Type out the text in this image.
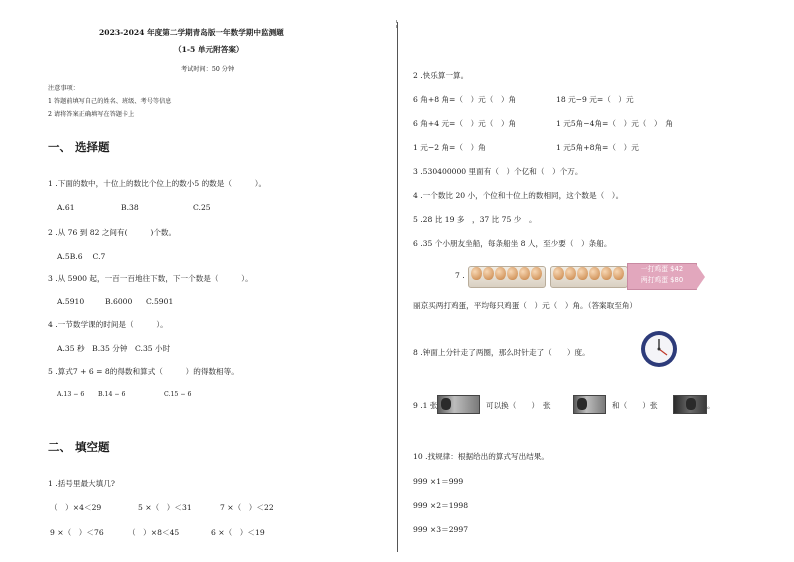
2023-2024 年度第二学期青岛版一年数学期中监测题
（1-5 单元附答案）
考试时间：50 分钟
注意事项：
1 答题前填写自己的姓名、班级、考号等信息
2 请将答案正确填写在答题卡上
一、 选择题
1 .下面的数中，十位上的数比个位上的数小5 的数是（　　　）。
A.61	B.38	C.25
2 .从 76 到 82 之间有(　　　)个数。
A.5B.6　 C.7
3 .从 5900 起，一百一百地往下数，下一个数是（　　　）。
A.5910	B.6000 C.5901
4 .一节数学课的时间是（　　　）。
A.35 秒　B.35 分钟　C.35 小时
5 .算式7 + 6 = 8的得数和算式（　　　）的得数相等。
A.13 − 6 B.14 − 6	C.15 − 6
二、 填空题
1 .括号里最大填几?
（　）×4＜29	5 ×（　）＜31	7 ×（　）＜22
9 ×（　）＜76	（　）×8＜45	6 ×（　）＜19
2 .快乐算一算。
6 角+8 角=（　）元（　）角	18 元−9 元=（　）元
6 角+4 元=（　）元（　）角	1 元5角−4角=（　）元（　）　角
1 元−2 角=（　）角	1 元5角+8角=（　）元
3 .530400000 里面有（　）个亿和（　）个万。
4 .一个数比 20 小，个位和十位上的数相同，这个数是（　）。
5 .28 比 19 多　，37 比 75 少　。
6 .35 个小朋友坐船，每条船坐 8 人，至少要（　）条船。
7 .
一打鸡蛋 $42
两打鸡蛋 $80
丽京买两打鸡蛋，平均每只鸡蛋（　）元（　）角。（答案取至角）
8 .钟面上分针走了两圈，那么时针走了（　　）度。
9 .1 张	可以换（　　）　张	和（　　）张	。
10 .找规律：根据给出的算式写出结果。
999 ×1＝999
999 ×2＝1998
999 ×3＝2997
